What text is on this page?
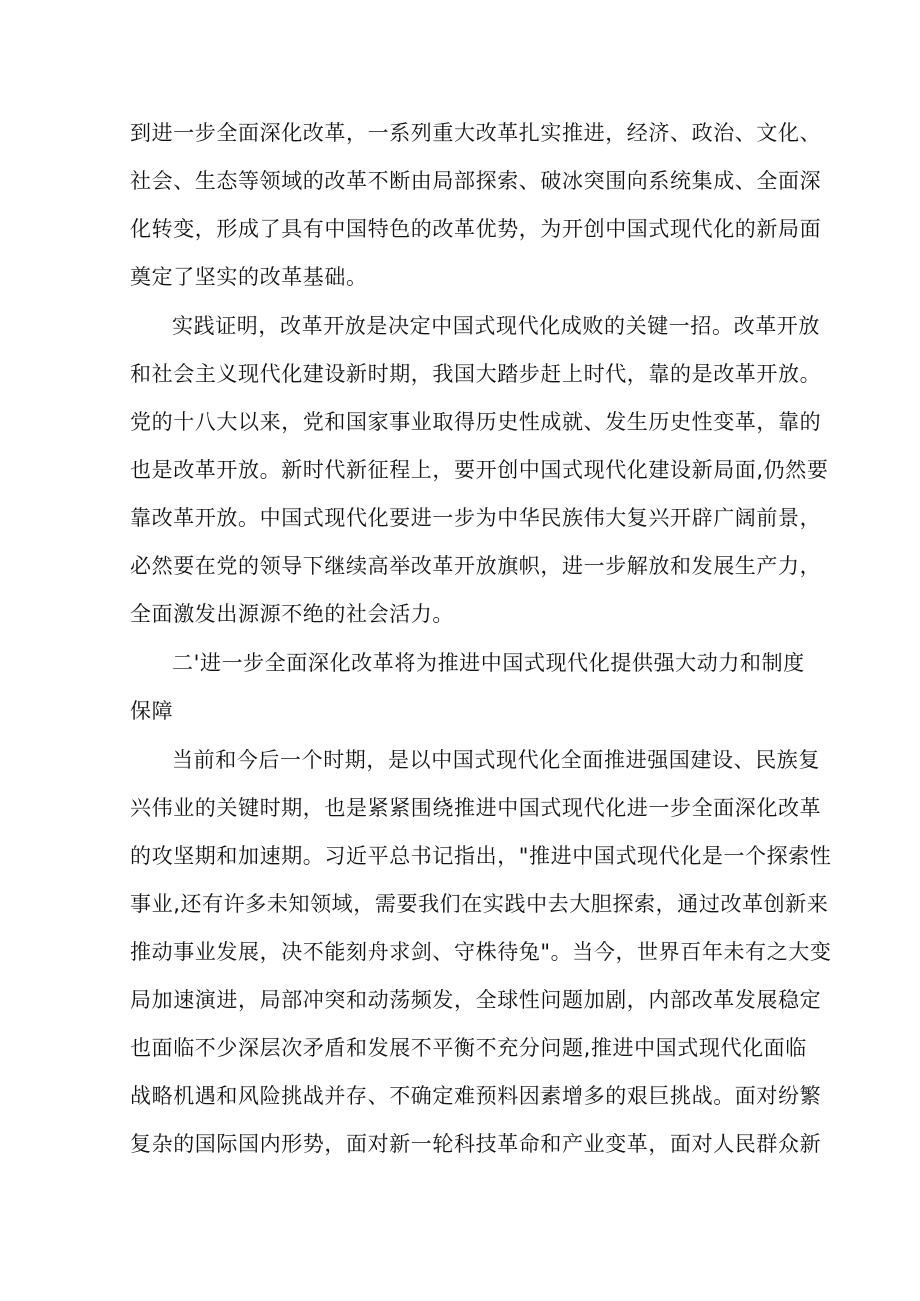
到进一步全面深化改革，一系列重大改革扎实推进，经济、政治、文化、
社会、生态等领域的改革不断由局部探索、破冰突围向系统集成、全面深
化转变，形成了具有中国特色的改革优势，为开创中国式现代化的新局面
奠定了坚实的改革基础。
实践证明，改革开放是决定中国式现代化成败的关键一招。改革开放
和社会主义现代化建设新时期，我国大踏步赶上时代，靠的是改革开放。
党的十八大以来，党和国家事业取得历史性成就、发生历史性变革，靠的
也是改革开放。新时代新征程上，要开创中国式现代化建设新局面,仍然要
靠改革开放。中国式现代化要进一步为中华民族伟大复兴开辟广阔前景，
必然要在党的领导下继续高举改革开放旗帜，进一步解放和发展生产力，
全面激发出源源不绝的社会活力。
二'进一步全面深化改革将为推进中国式现代化提供强大动力和制度
保障
当前和今后一个时期，是以中国式现代化全面推进强国建设、民族复
兴伟业的关键时期，也是紧紧围绕推进中国式现代化进一步全面深化改革
的攻坚期和加速期。习近平总书记指出，"推进中国式现代化是一个探索性
事业,还有许多未知领域，需要我们在实践中去大胆探索，通过改革创新来
推动事业发展，决不能刻舟求剑、守株待兔"。当今，世界百年未有之大变
局加速演进，局部冲突和动荡频发，全球性问题加剧，内部改革发展稳定
也面临不少深层次矛盾和发展不平衡不充分问题,推进中国式现代化面临
战略机遇和风险挑战并存、不确定难预料因素增多的艰巨挑战。面对纷繁
复杂的国际国内形势，面对新一轮科技革命和产业变革，面对人民群众新
